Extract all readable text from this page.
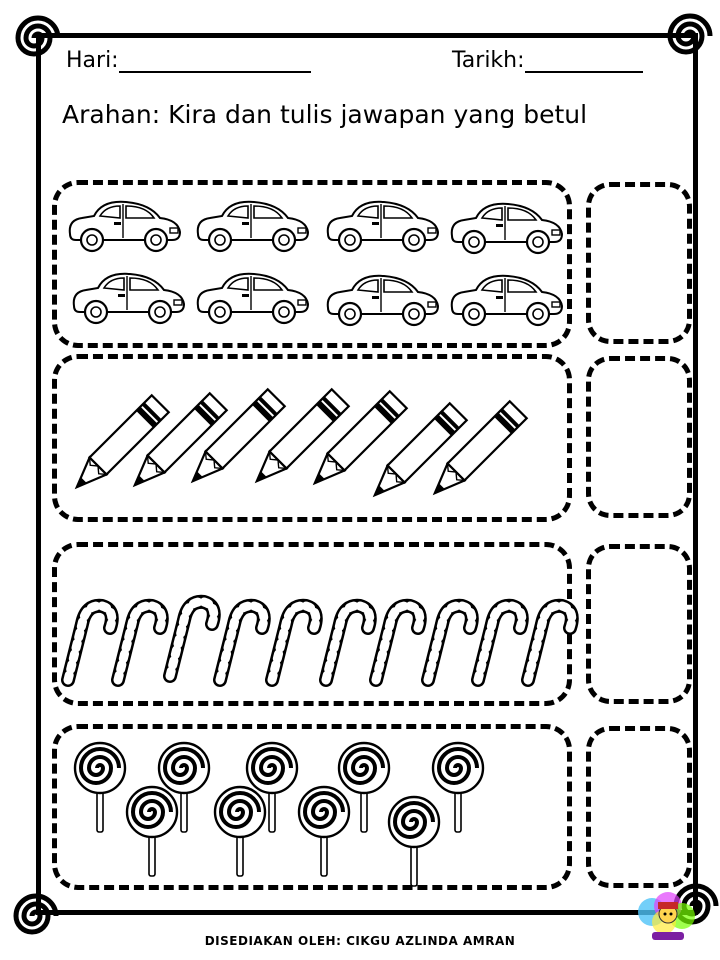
Hari:	Tarikh:
Arahan: Kira dan tulis jawapan yang betul
DISEDIAKAN OLEH: CIKGU AZLINDA AMRAN
